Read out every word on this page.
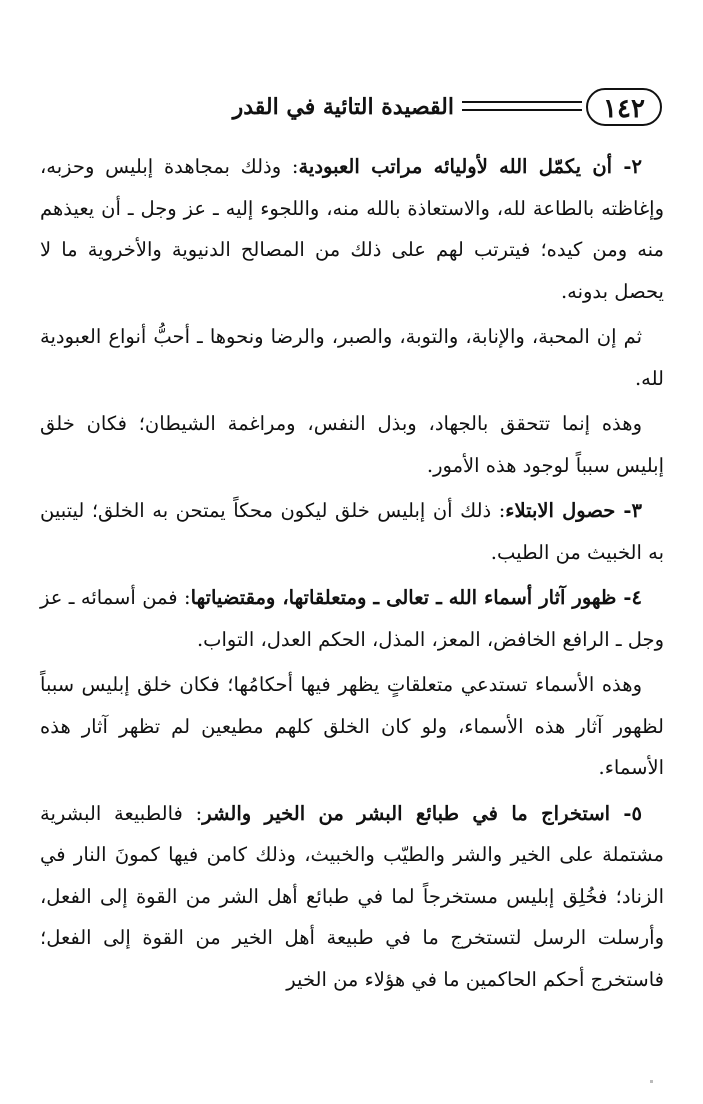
١٤٢
القصيدة التائية في القدر

٢- أن يكمّل الله لأوليائه مراتب العبودية: وذلك بمجاهدة إبليس وحزبه، وإغاظته بالطاعة لله، والاستعاذة بالله منه، واللجوء إليه ـ عز وجل ـ أن يعيذهم منه ومن كيده؛ فيترتب لهم على ذلك من المصالح الدنيوية والأخروية ما لا يحصل بدونه.

ثم إن المحبة، والإنابة، والتوبة، والصبر، والرضا ونحوها ـ أحبُّ أنواع العبودية لله.

وهذه إنما تتحقق بالجهاد، وبذل النفس، ومراغمة الشيطان؛ فكان خلق إبليس سبباً لوجود هذه الأمور.

٣- حصول الابتلاء: ذلك أن إبليس خلق ليكون محكاً يمتحن به الخلق؛ ليتبين به الخبيث من الطيب.

٤- ظهور آثار أسماء الله ـ تعالى ـ ومتعلقاتها، ومقتضياتها: فمن أسمائه ـ عز وجل ـ الرافع الخافض، المعز، المذل، الحكم العدل، التواب.

وهذه الأسماء تستدعي متعلقاتٍ يظهر فيها أحكامُها؛ فكان خلق إبليس سبباً لظهور آثار هذه الأسماء، ولو كان الخلق كلهم مطيعين لم تظهر آثار هذه الأسماء.

٥- استخراج ما في طبائع البشر من الخير والشر: فالطبيعة البشرية مشتملة على الخير والشر والطيّب والخبيث، وذلك كامن فيها كمونَ النار في الزناد؛ فخُلِق إبليس مستخرجاً لما في طبائع أهل الشر من القوة إلى الفعل، وأرسلت الرسل لتستخرج ما في طبيعة أهل الخير من القوة إلى الفعل؛ فاستخرج أحكم الحاكمين ما في هؤلاء من الخير
